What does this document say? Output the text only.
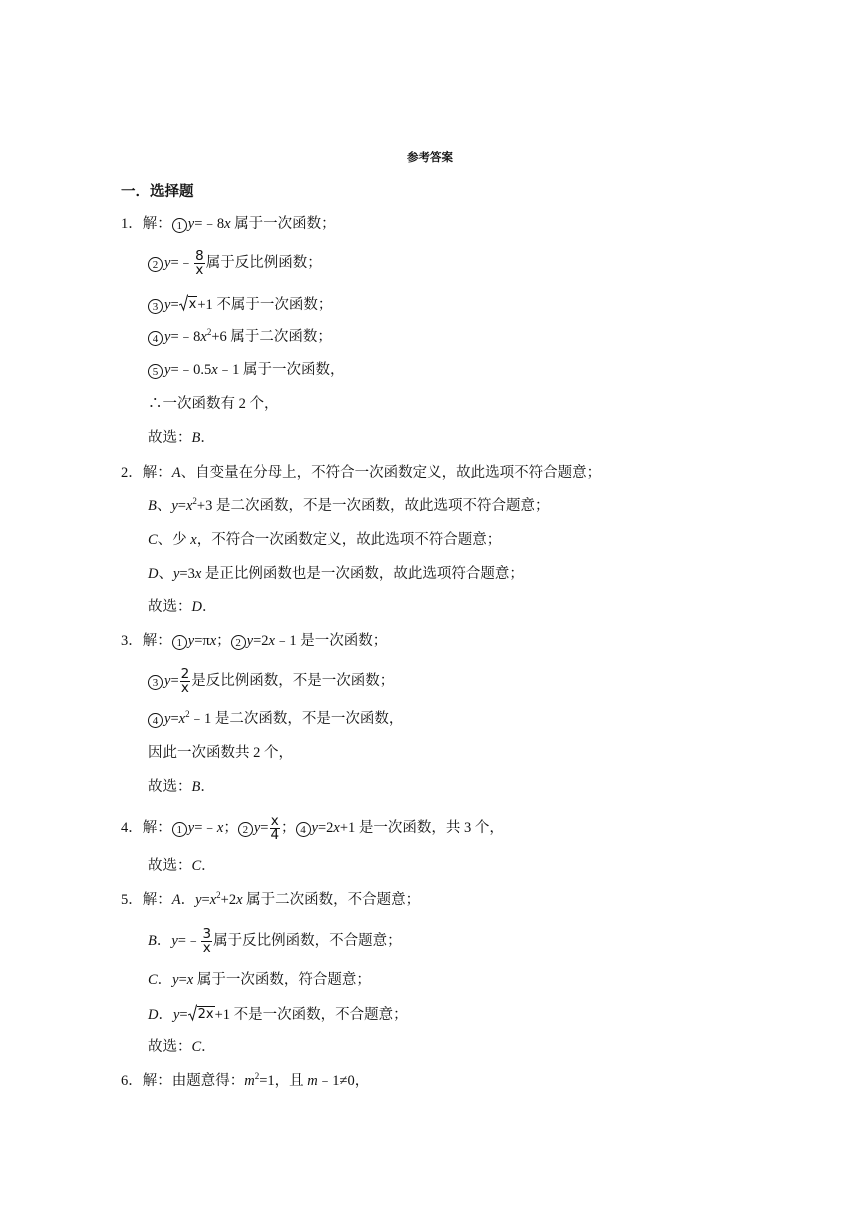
参考答案
一．选择题
1．解： 1 y=﹣8x 属于一次函数；
2 y=﹣ $\frac{8}{x}$ 属于反比例函数；
3 y= x +1 不属于一次函数；
4 $y=﹣8x^2+6$ 属于二次函数；
5 y=﹣0.5x﹣1 属于一次函数，
∴一次函数有 2 个，
故选：B．
2．解：A、自变量在分母上，不符合一次函数定义，故此选项不符合题意；
B、$y=x^2+3$ 是二次函数，不是一次函数，故此选项不符合题意；
C、少 x，不符合一次函数定义，故此选项不符合题意；
D、y=3x 是正比例函数也是一次函数，故此选项符合题意；
故选：D．
3．解： 1 y=πx； 2 y=2x﹣1 是一次函数；
3 $y= \frac{2}{x}$ 是反比例函数，不是一次函数；
4 $y=x^2﹣1$ 是二次函数，不是一次函数，
因此一次函数共 2 个，
故选：B．
4．解： 1 y=﹣x； 2 $y= \frac{x}{4}$ ； 4 y=2x+1 是一次函数，共 3 个，
故选：C．
5．解：A．$y=x^2+2x$ 属于二次函数，不合题意；
B．y=﹣ $\frac{3}{x}$ 属于反比例函数，不合题意；
C．y=x 属于一次函数，符合题意；
D．y= 2x +1 不是一次函数，不合题意；
故选：C．
6．解：由题意得：$m^2=1$，且 m﹣1≠0，
